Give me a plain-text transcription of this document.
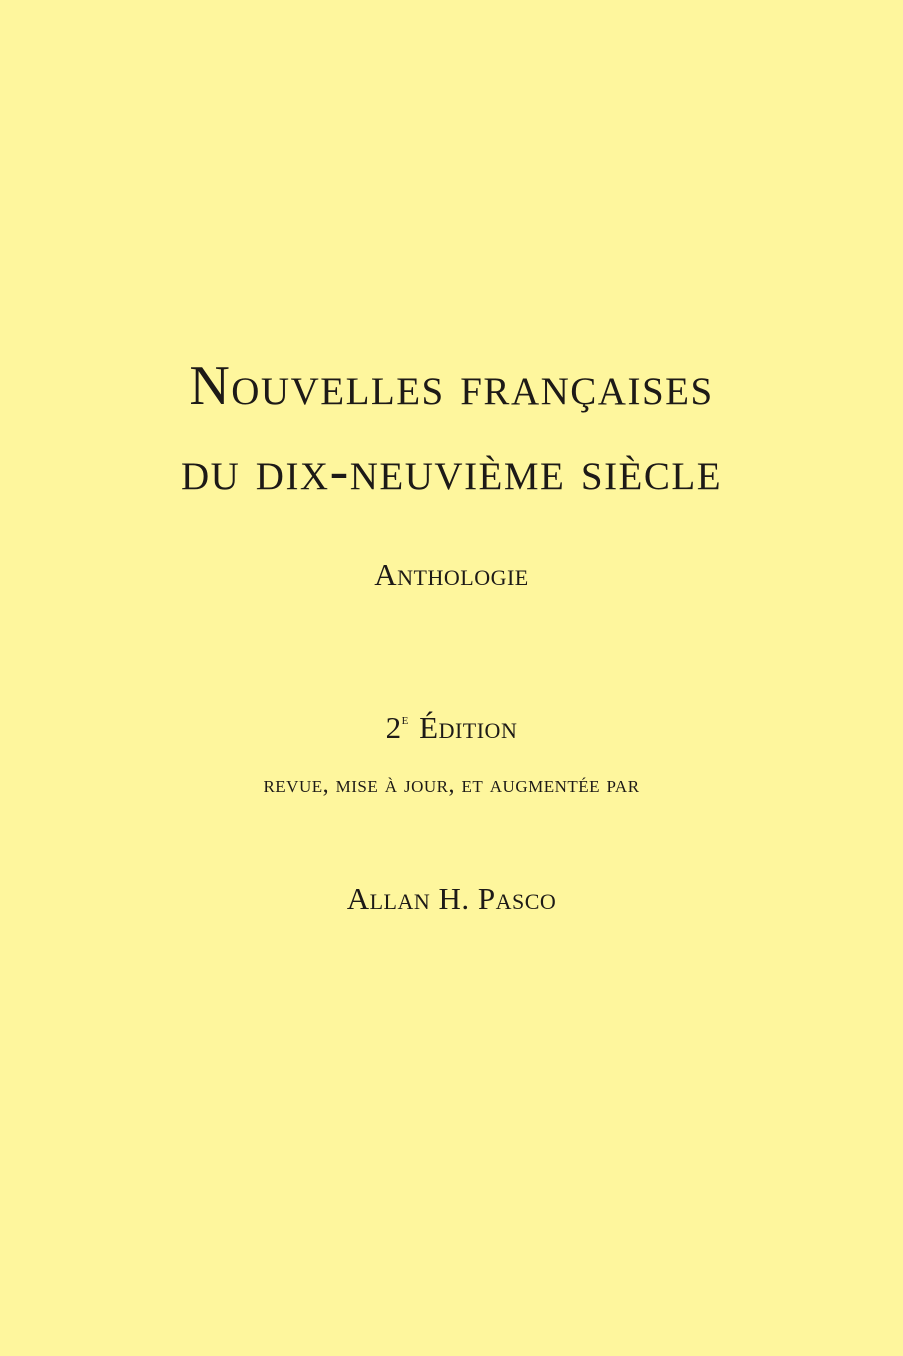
Nouvelles françaises
du dix-neuvième siècle
Anthologie
2e Édition
revue, mise à jour, et augmentée par
Allan H. Pasco
